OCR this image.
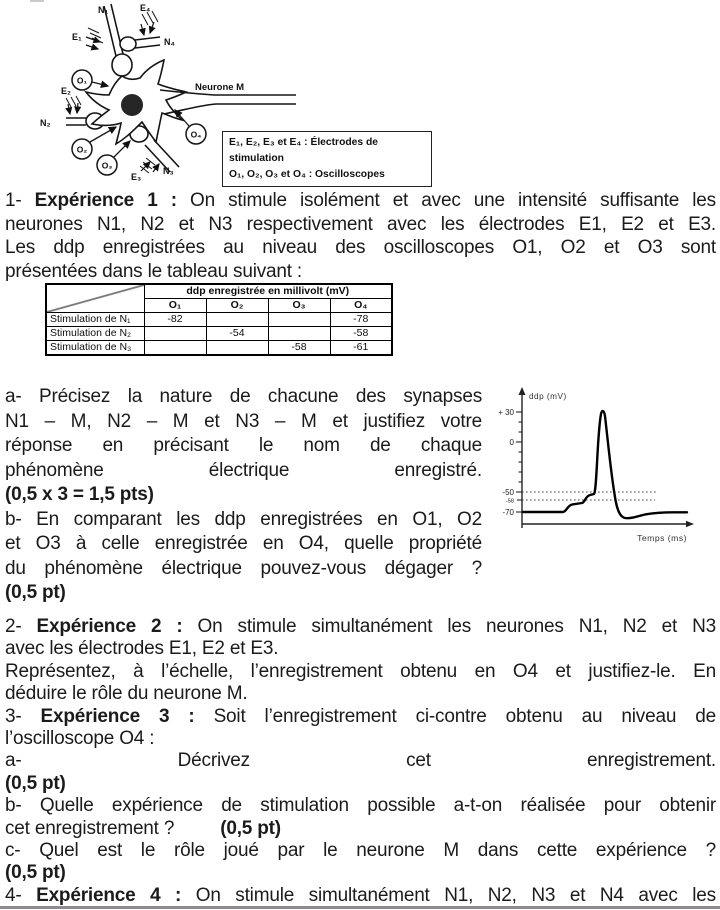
O₁
O₂
O₃
O₄
N₁	E₄
E₁	N₄
E₂
N₂
E₃
N₃
Neurone M
E₁, E₂, E₃ et E₄ : Électrodes de stimulation
O₁, O₂, O₃ et O₄ : Oscilloscopes
1- Expérience 1 : On stimule isolément et avec une intensité suffisante les
neurones N1, N2 et N3 respectivement avec les électrodes E1, E2 et E3.
Les ddp enregistrées au niveau des oscilloscopes O1, O2 et O3 sont
présentées dans le tableau suivant :
	ddp enregistrée en millivolt (mV)			
	O₁	O₂	O₃	O₄
Stimulation de N₁	-82			-78
Stimulation de N₂		-54		-58
Stimulation de N₃			-58	-61
a- Précisez la nature de chacune des synapses
N1 – M, N2 – M et N3 – M et justifiez votre
réponse en précisant le nom de chaque
phénomène électrique enregistré.
(0,5 x 3 = 1,5 pts)
b- En comparant les ddp enregistrées en O1, O2
et O3 à celle enregistrée en O4, quelle propriété
du phénomène électrique pouvez-vous dégager ?
(0,5 pt)
+ 30
0
-50
-58
-70
ddp (mV)
Temps (ms)
2- Expérience 2 : On stimule simultanément les neurones N1, N2 et N3
avec les électrodes E1, E2 et E3.
Représentez, à l’échelle, l’enregistrement obtenu en O4 et justifiez-le. En
déduire le rôle du neurone M.
3- Expérience 3 : Soit l’enregistrement ci-contre obtenu au niveau de
l’oscilloscope O4 :
a- Décrivez cet enregistrement.
(0,5 pt)
b- Quelle expérience de stimulation possible a-t-on réalisée pour obtenir
cet enregistrement ? (0,5 pt)
c- Quel est le rôle joué par le neurone M dans cette expérience ?
(0,5 pt)
4- Expérience 4 : On stimule simultanément N1, N2, N3 et N4 avec les
